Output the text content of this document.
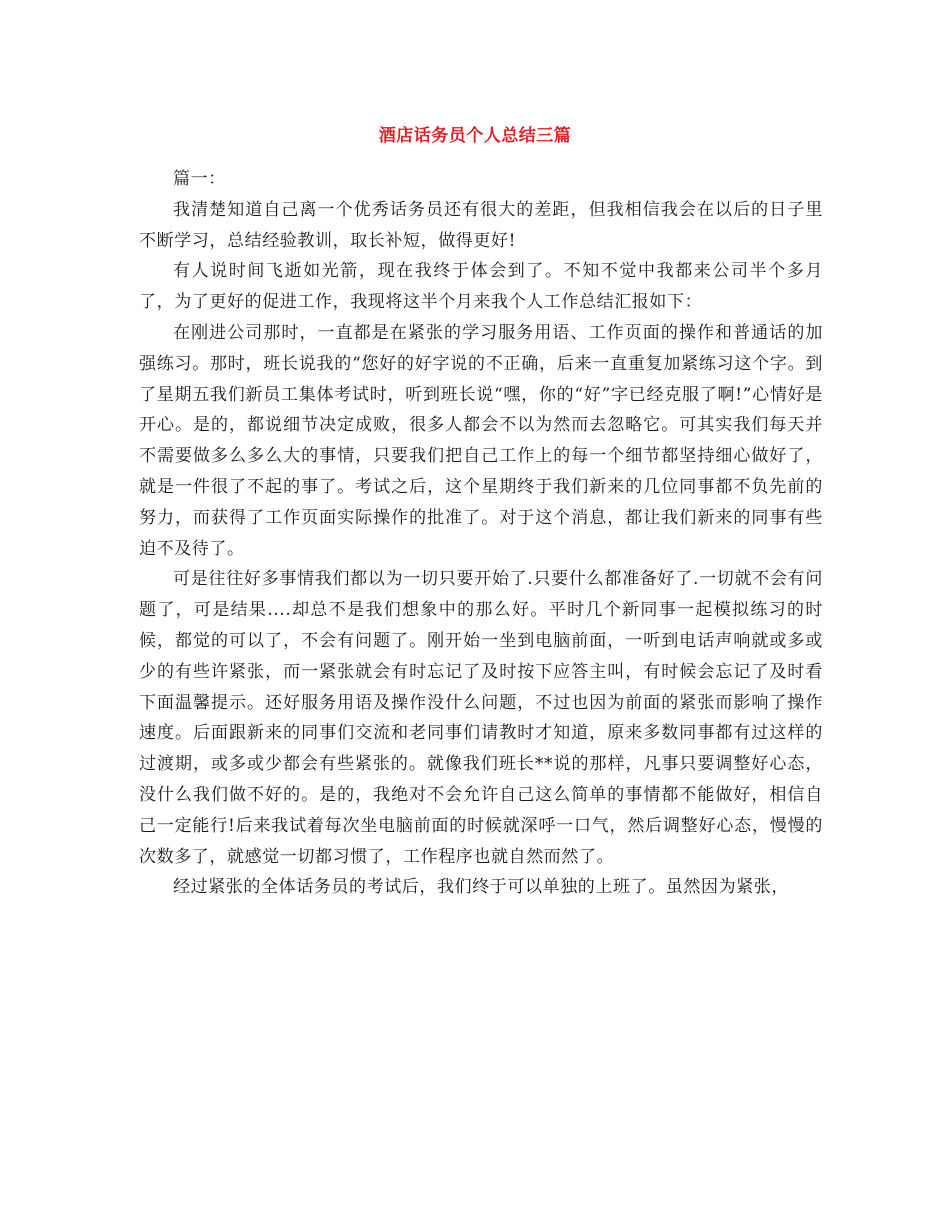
酒店话务员个人总结三篇

篇一：

我清楚知道自己离一个优秀话务员还有很大的差距，但我相信我会在以后的日子里不断学习，总结经验教训，取长补短，做得更好!

有人说时间飞逝如光箭，现在我终于体会到了。不知不觉中我都来公司半个多月了，为了更好的促进工作，我现将这半个月来我个人工作总结汇报如下：

在刚进公司那时，一直都是在紧张的学习服务用语、工作页面的操作和普通话的加强练习。那时，班长说我的“您好的好字说的不正确，后来一直重复加紧练习这个字。到了星期五我们新员工集体考试时，听到班长说“嘿，你的“好”字已经克服了啊!”心情好是开心。是的，都说细节决定成败，很多人都会不以为然而去忽略它。可其实我们每天并不需要做多么多么大的事情，只要我们把自己工作上的每一个细节都坚持细心做好了，就是一件很了不起的事了。考试之后，这个星期终于我们新来的几位同事都不负先前的努力，而获得了工作页面实际操作的批准了。对于这个消息，都让我们新来的同事有些迫不及待了。

可是往往好多事情我们都以为一切只要开始了.只要什么都准备好了.一切就不会有问题了，可是结果....却总不是我们想象中的那么好。平时几个新同事一起模拟练习的时候，都觉的可以了，不会有问题了。刚开始一坐到电脑前面，一听到电话声响就或多或少的有些许紧张，而一紧张就会有时忘记了及时按下应答主叫，有时候会忘记了及时看下面温馨提示。还好服务用语及操作没什么问题，不过也因为前面的紧张而影响了操作速度。后面跟新来的同事们交流和老同事们请教时才知道，原来多数同事都有过这样的过渡期，或多或少都会有些紧张的。就像我们班长**说的那样，凡事只要调整好心态，没什么我们做不好的。是的，我绝对不会允许自己这么简单的事情都不能做好，相信自己一定能行!后来我试着每次坐电脑前面的时候就深呼一口气，然后调整好心态，慢慢的次数多了，就感觉一切都习惯了，工作程序也就自然而然了。

经过紧张的全体话务员的考试后，我们终于可以单独的上班了。虽然因为紧张，
